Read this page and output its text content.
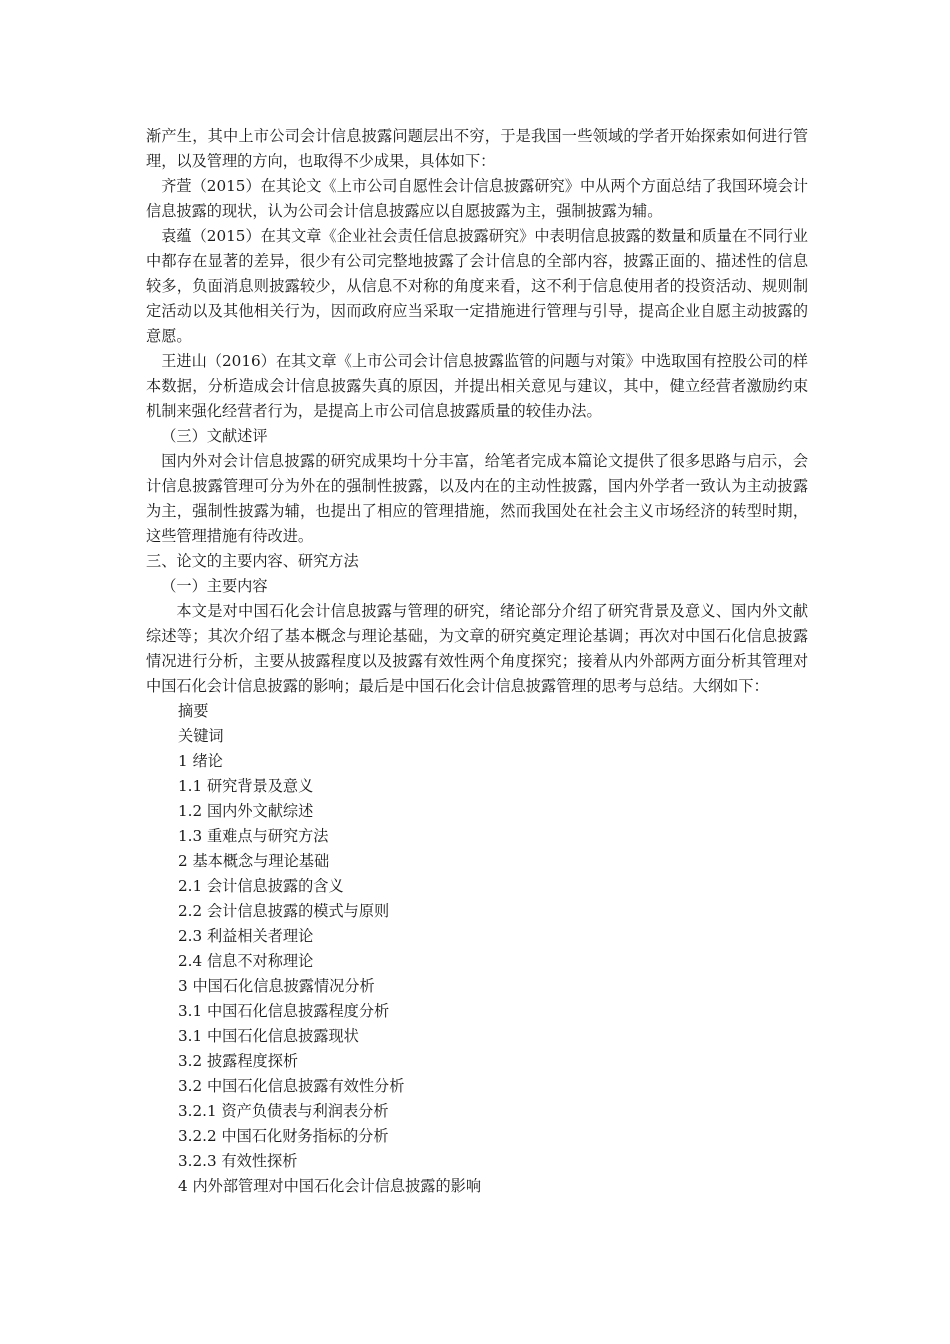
渐产生，其中上市公司会计信息披露问题层出不穷，于是我国一些领域的学者开始探索如何进行管理，以及管理的方向，也取得不少成果，具体如下：

齐萱（2015）在其论文《上市公司自愿性会计信息披露研究》中从两个方面总结了我国环境会计信息披露的现状，认为公司会计信息披露应以自愿披露为主，强制披露为辅。

袁蕴（2015）在其文章《企业社会责任信息披露研究》中表明信息披露的数量和质量在不同行业中都存在显著的差异，很少有公司完整地披露了会计信息的全部内容，披露正面的、描述性的信息较多，负面消息则披露较少，从信息不对称的角度来看，这不利于信息使用者的投资活动、规则制定活动以及其他相关行为，因而政府应当采取一定措施进行管理与引导，提高企业自愿主动披露的意愿。

王进山（2016）在其文章《上市公司会计信息披露监管的问题与对策》中选取国有控股公司的样本数据，分析造成会计信息披露失真的原因，并提出相关意见与建议，其中，健立经营者激励约束机制来强化经营者行为，是提高上市公司信息披露质量的较佳办法。

（三）文献述评

国内外对会计信息披露的研究成果均十分丰富，给笔者完成本篇论文提供了很多思路与启示，会计信息披露管理可分为外在的强制性披露，以及内在的主动性披露，国内外学者一致认为主动披露为主，强制性披露为辅，也提出了相应的管理措施，然而我国处在社会主义市场经济的转型时期，这些管理措施有待改进。

三、论文的主要内容、研究方法

（一）主要内容

本文是对中国石化会计信息披露与管理的研究，绪论部分介绍了研究背景及意义、国内外文献综述等；其次介绍了基本概念与理论基础，为文章的研究奠定理论基调；再次对中国石化信息披露情况进行分析，主要从披露程度以及披露有效性两个角度探究；接着从内外部两方面分析其管理对中国石化会计信息披露的影响；最后是中国石化会计信息披露管理的思考与总结。大纲如下：

摘要
关键词
1 绪论
1.1 研究背景及意义
1.2 国内外文献综述
1.3 重难点与研究方法
2 基本概念与理论基础
2.1 会计信息披露的含义
2.2 会计信息披露的模式与原则
2.3 利益相关者理论
2.4 信息不对称理论
3 中国石化信息披露情况分析
3.1 中国石化信息披露程度分析
3.1 中国石化信息披露现状
3.2 披露程度探析
3.2 中国石化信息披露有效性分析
3.2.1 资产负债表与利润表分析
3.2.2 中国石化财务指标的分析
3.2.3 有效性探析
4 内外部管理对中国石化会计信息披露的影响
